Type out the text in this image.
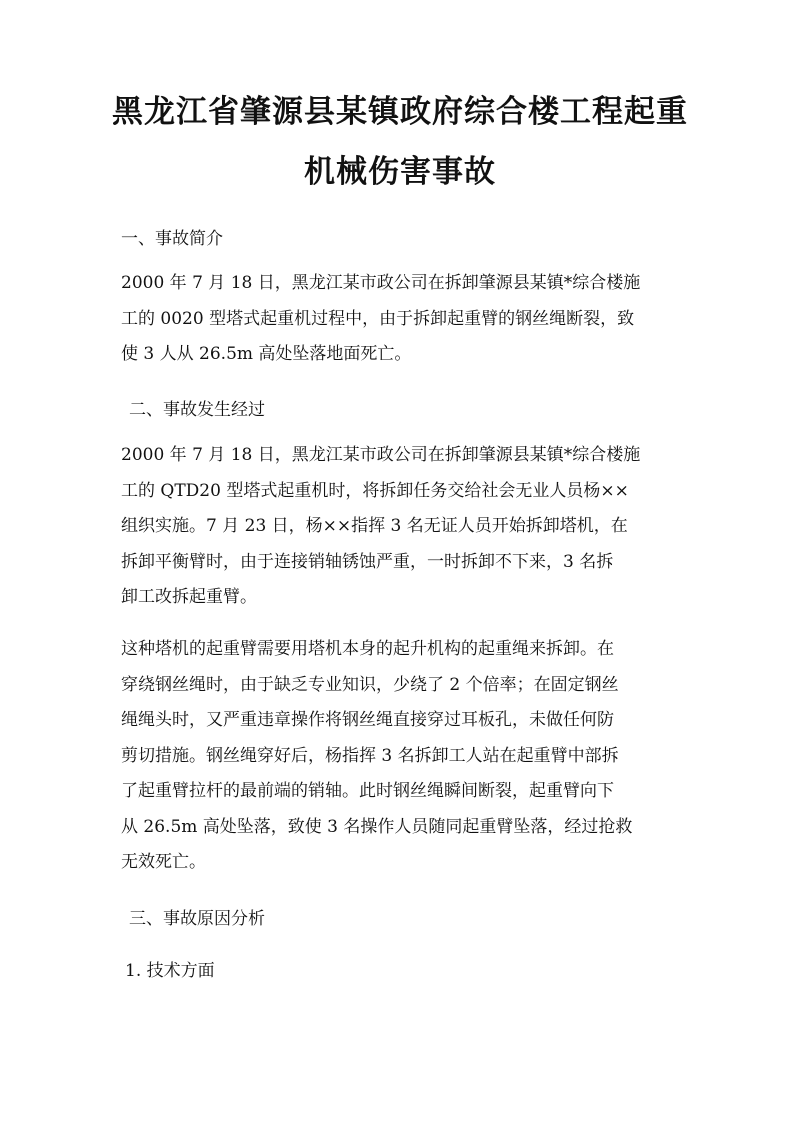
黑龙江省肇源县某镇政府综合楼工程起重
机械伤害事故

一、事故简介

2000 年 7 月 18 日，黑龙江某市政公司在拆卸肇源县某镇*综合楼施
工的 0020 型塔式起重机过程中，由于拆卸起重臂的钢丝绳断裂，致
使 3 人从 26.5m 高处坠落地面死亡。

二、事故发生经过

2000 年 7 月 18 日，黑龙江某市政公司在拆卸肇源县某镇*综合楼施
工的 QTD20 型塔式起重机时，将拆卸任务交给社会无业人员杨××
组织实施。7 月 23 日，杨××指挥 3 名无证人员开始拆卸塔机，在
拆卸平衡臂时，由于连接销轴锈蚀严重，一时拆卸不下来，3 名拆
卸工改拆起重臂。
这种塔机的起重臂需要用塔机本身的起升机构的起重绳来拆卸。在
穿绕钢丝绳时，由于缺乏专业知识，少绕了 2 个倍率；在固定钢丝
绳绳头时，又严重违章操作将钢丝绳直接穿过耳板孔，未做任何防
剪切措施。钢丝绳穿好后，杨指挥 3 名拆卸工人站在起重臂中部拆
了起重臂拉杆的最前端的销轴。此时钢丝绳瞬间断裂，起重臂向下
从 26.5m 高处坠落，致使 3 名操作人员随同起重臂坠落，经过抢救
无效死亡。

三、事故原因分析

1. 技术方面
